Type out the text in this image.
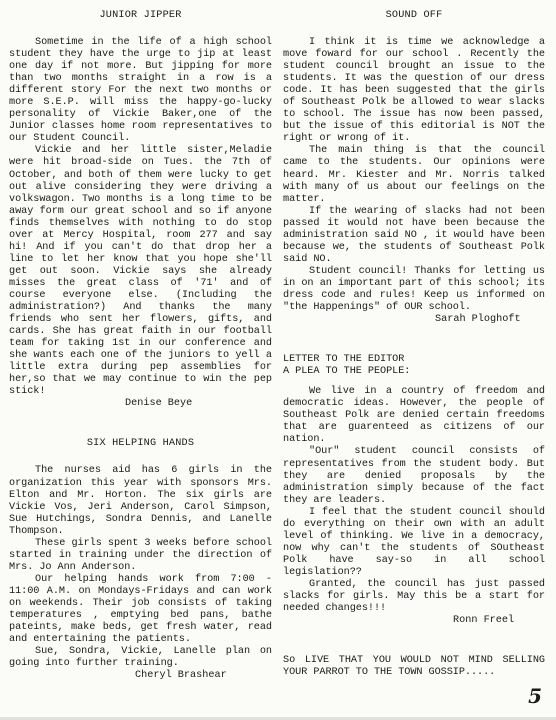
JUNIOR JIPPER

Sometime in the life of a high school student they have the urge to jip at least one day if not more. But jipping for more than two months straight in a row is a different story For the next two months or more S.E.P. will miss the happy-go-lucky personality of Vickie Baker,one of the Junior classes home room representatives to our Student Council.

Vickie and her little sister,Meladie were hit broad-side on Tues. the 7th of October, and both of them were lucky to get out alive considering they were driving a volkswagon. Two months is a long time to be away form our great school and so if anyone finds themselves with nothing to do stop over at Mercy Hospital, room 277 and say hi! And if you can't do that drop her a line to let her know that you hope she'll get out soon. Vickie says she already misses the great class of '71' and of course everyone else. (Including the administration?) And thanks the many friends who sent her flowers, gifts, and cards. She has great faith in our football team for taking 1st in our conference and she wants each one of the juniors to yell a little extra during pep assemblies for her,so that we may continue to win the pep stick!

Denise Beye

SIX HELPING HANDS

The nurses aid has 6 girls in the organization this year with sponsors Mrs. Elton and Mr. Horton. The six girls are Vickie Vos, Jeri Anderson, Carol Simpson, Sue Hutchings, Sondra Dennis, and Lanelle Thompson.

These girls spent 3 weeks before school started in training under the direction of Mrs. Jo Ann Anderson.

Our helping hands work from 7:00 - 11:00 A.M. on Mondays-Fridays and can work on weekends. Their job consists of taking temperatures , emptying bed pans, bathe pateints, make beds, get fresh water, read and entertaining the patients.

Sue, Sondra, Vickie, Lanelle plan on going into further training.

Cheryl Brashear

SOUND OFF

I think it is time we acknowledge a move foward for our school . Recently the student council brought an issue to the students. It was the question of our dress code. It has been suggested that the girls of Southeast Polk be allowed to wear slacks to school. The issue has now been passed, but the issue of this editorial is NOT the right or wrong of it.

The main thing is that the council came to the students. Our opinions were heard. Mr. Kiester and Mr. Norris talked with many of us about our feelings on the matter.

If the wearing of slacks had not been passed it would not have been because the administration said NO , it would have been because we, the students of Southeast Polk said NO.

Student council! Thanks for letting us in on an important part of this school; its dress code and rules! Keep us informed on "the Happenings" of OUR school.

Sarah Ploghoft

LETTER TO THE EDITOR

A PLEA TO THE PEOPLE:

We live in a country of freedom and democratic ideas. However, the people of Southeast Polk are denied certain freedoms that are guarenteed as citizens of our nation.

"Our" student council consists of representatives from the student body. But they are denied proposals by the administration simply because of the fact they are leaders.

I feel that the student council should do everything on their own with an adult level of thinking. We live in a democracy, now why can't the students of SOutheast Polk have say-so in all school legislation??

Granted, the council has just passed slacks for girls. May this be a start for needed changes!!!

Ronn Freel

So LIVE THAT YOU WOULD NOT MIND SELLING YOUR PARROT TO THE TOWN GOSSIP.....

5
